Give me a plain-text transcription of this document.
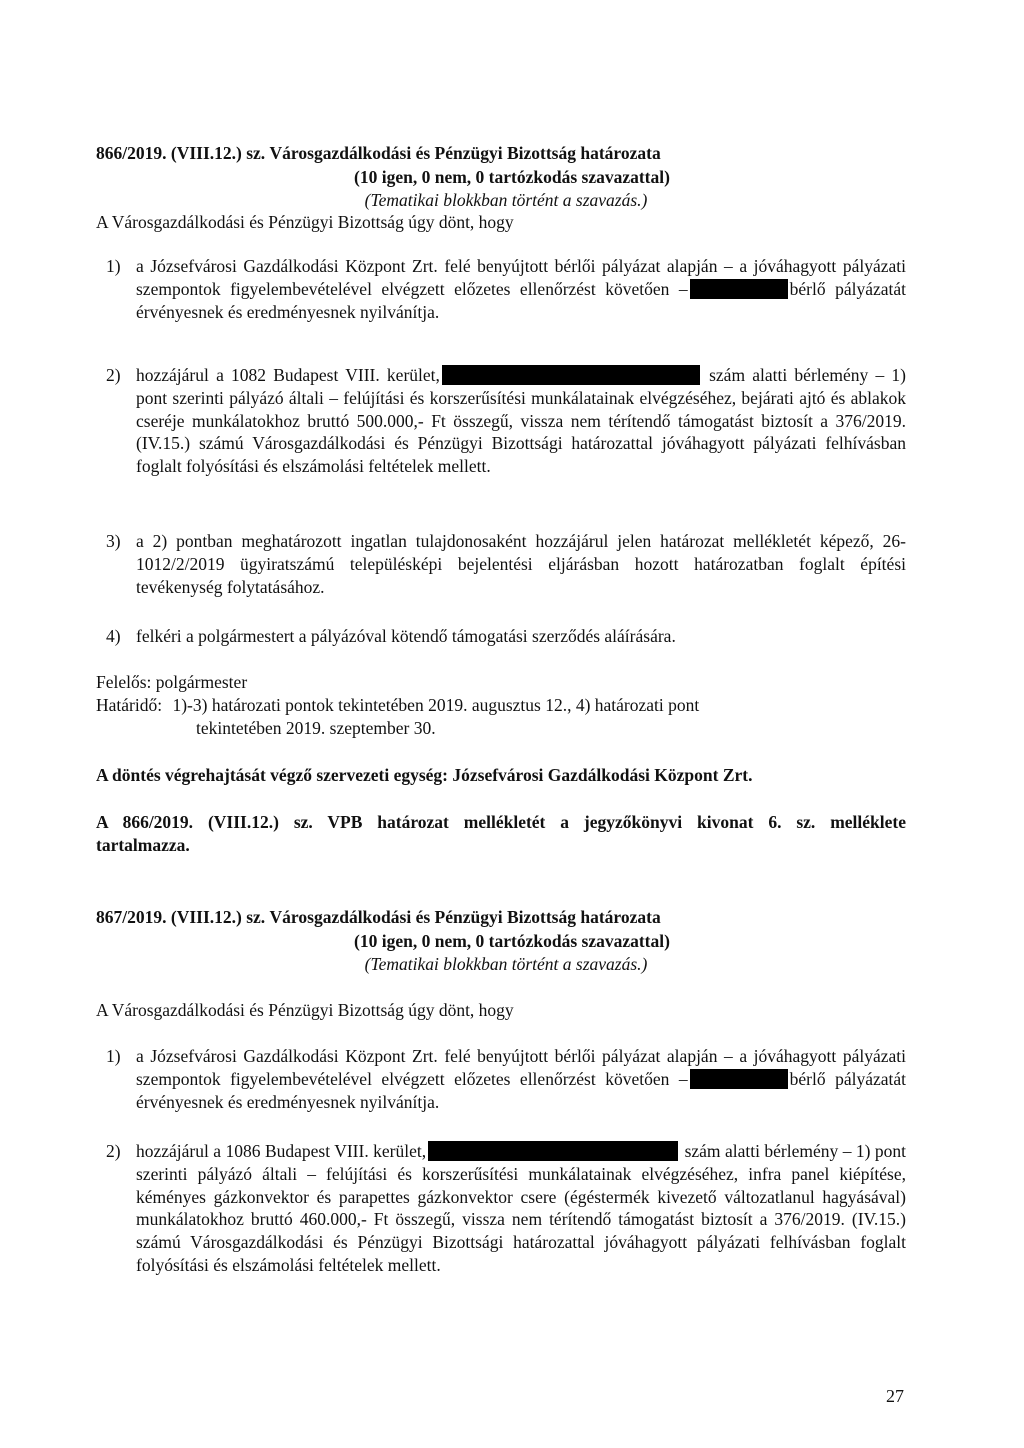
866/2019. (VIII.12.) sz. Városgazdálkodási és Pénzügyi Bizottság határozata
(10 igen, 0 nem, 0 tartózkodás szavazattal)
(Tematikai blokkban történt a szavazás.)
A Városgazdálkodási és Pénzügyi Bizottság úgy dönt, hogy
1) a Józsefvárosi Gazdálkodási Központ Zrt. felé benyújtott bérlői pályázat alapján – a jóváhagyott pályázati szempontok figyelembevételével elvégzett előzetes ellenőrzést követően –	bérlő pályázatát érvényesnek és eredményesnek nyilvánítja.
2) hozzájárul a 1082 Budapest VIII. kerület,	szám alatti bérlemény – 1) pont szerinti pályázó általi – felújítási és korszerűsítési munkálatainak elvégzéséhez, bejárati ajtó és ablakok cseréje munkálatokhoz bruttó 500.000,- Ft összegű, vissza nem térítendő támogatást biztosít a 376/2019. (IV.15.) számú Városgazdálkodási és Pénzügyi Bizottsági határozattal jóváhagyott pályázati felhívásban foglalt folyósítási és elszámolási feltételek mellett.
3) a 2) pontban meghatározott ingatlan tulajdonosaként hozzájárul jelen határozat mellékletét képező, 26-1012/2/2019 ügyiratszámú településképi bejelentési eljárásban hozott határozatban foglalt építési tevékenység folytatásához.
4) felkéri a polgármestert a pályázóval kötendő támogatási szerződés aláírására.
Felelős: polgármester
Határidő: 1)-3) határozati pontok tekintetében 2019. augusztus 12., 4) határozati pont
tekintetében 2019. szeptember 30.
A döntés végrehajtását végző szervezeti egység: Józsefvárosi Gazdálkodási Központ Zrt.
A 866/2019. (VIII.12.) sz. VPB határozat mellékletét a jegyzőkönyvi kivonat 6. sz. melléklete tartalmazza.
867/2019. (VIII.12.) sz. Városgazdálkodási és Pénzügyi Bizottság határozata
(10 igen, 0 nem, 0 tartózkodás szavazattal)
(Tematikai blokkban történt a szavazás.)
A Városgazdálkodási és Pénzügyi Bizottság úgy dönt, hogy
1) a Józsefvárosi Gazdálkodási Központ Zrt. felé benyújtott bérlői pályázat alapján – a jóváhagyott pályázati szempontok figyelembevételével elvégzett előzetes ellenőrzést követően –	bérlő pályázatát érvényesnek és eredményesnek nyilvánítja.
2) hozzájárul a 1086 Budapest VIII. kerület,	szám alatti bérlemény – 1) pont szerinti pályázó általi – felújítási és korszerűsítési munkálatainak elvégzéséhez, infra panel kiépítése, kéményes gázkonvektor és parapettes gázkonvektor csere (égéstermék kivezető változatlanul hagyásával) munkálatokhoz bruttó 460.000,- Ft összegű, vissza nem térítendő támogatást biztosít a 376/2019. (IV.15.) számú Városgazdálkodási és Pénzügyi Bizottsági határozattal jóváhagyott pályázati felhívásban foglalt folyósítási és elszámolási feltételek mellett.
27
